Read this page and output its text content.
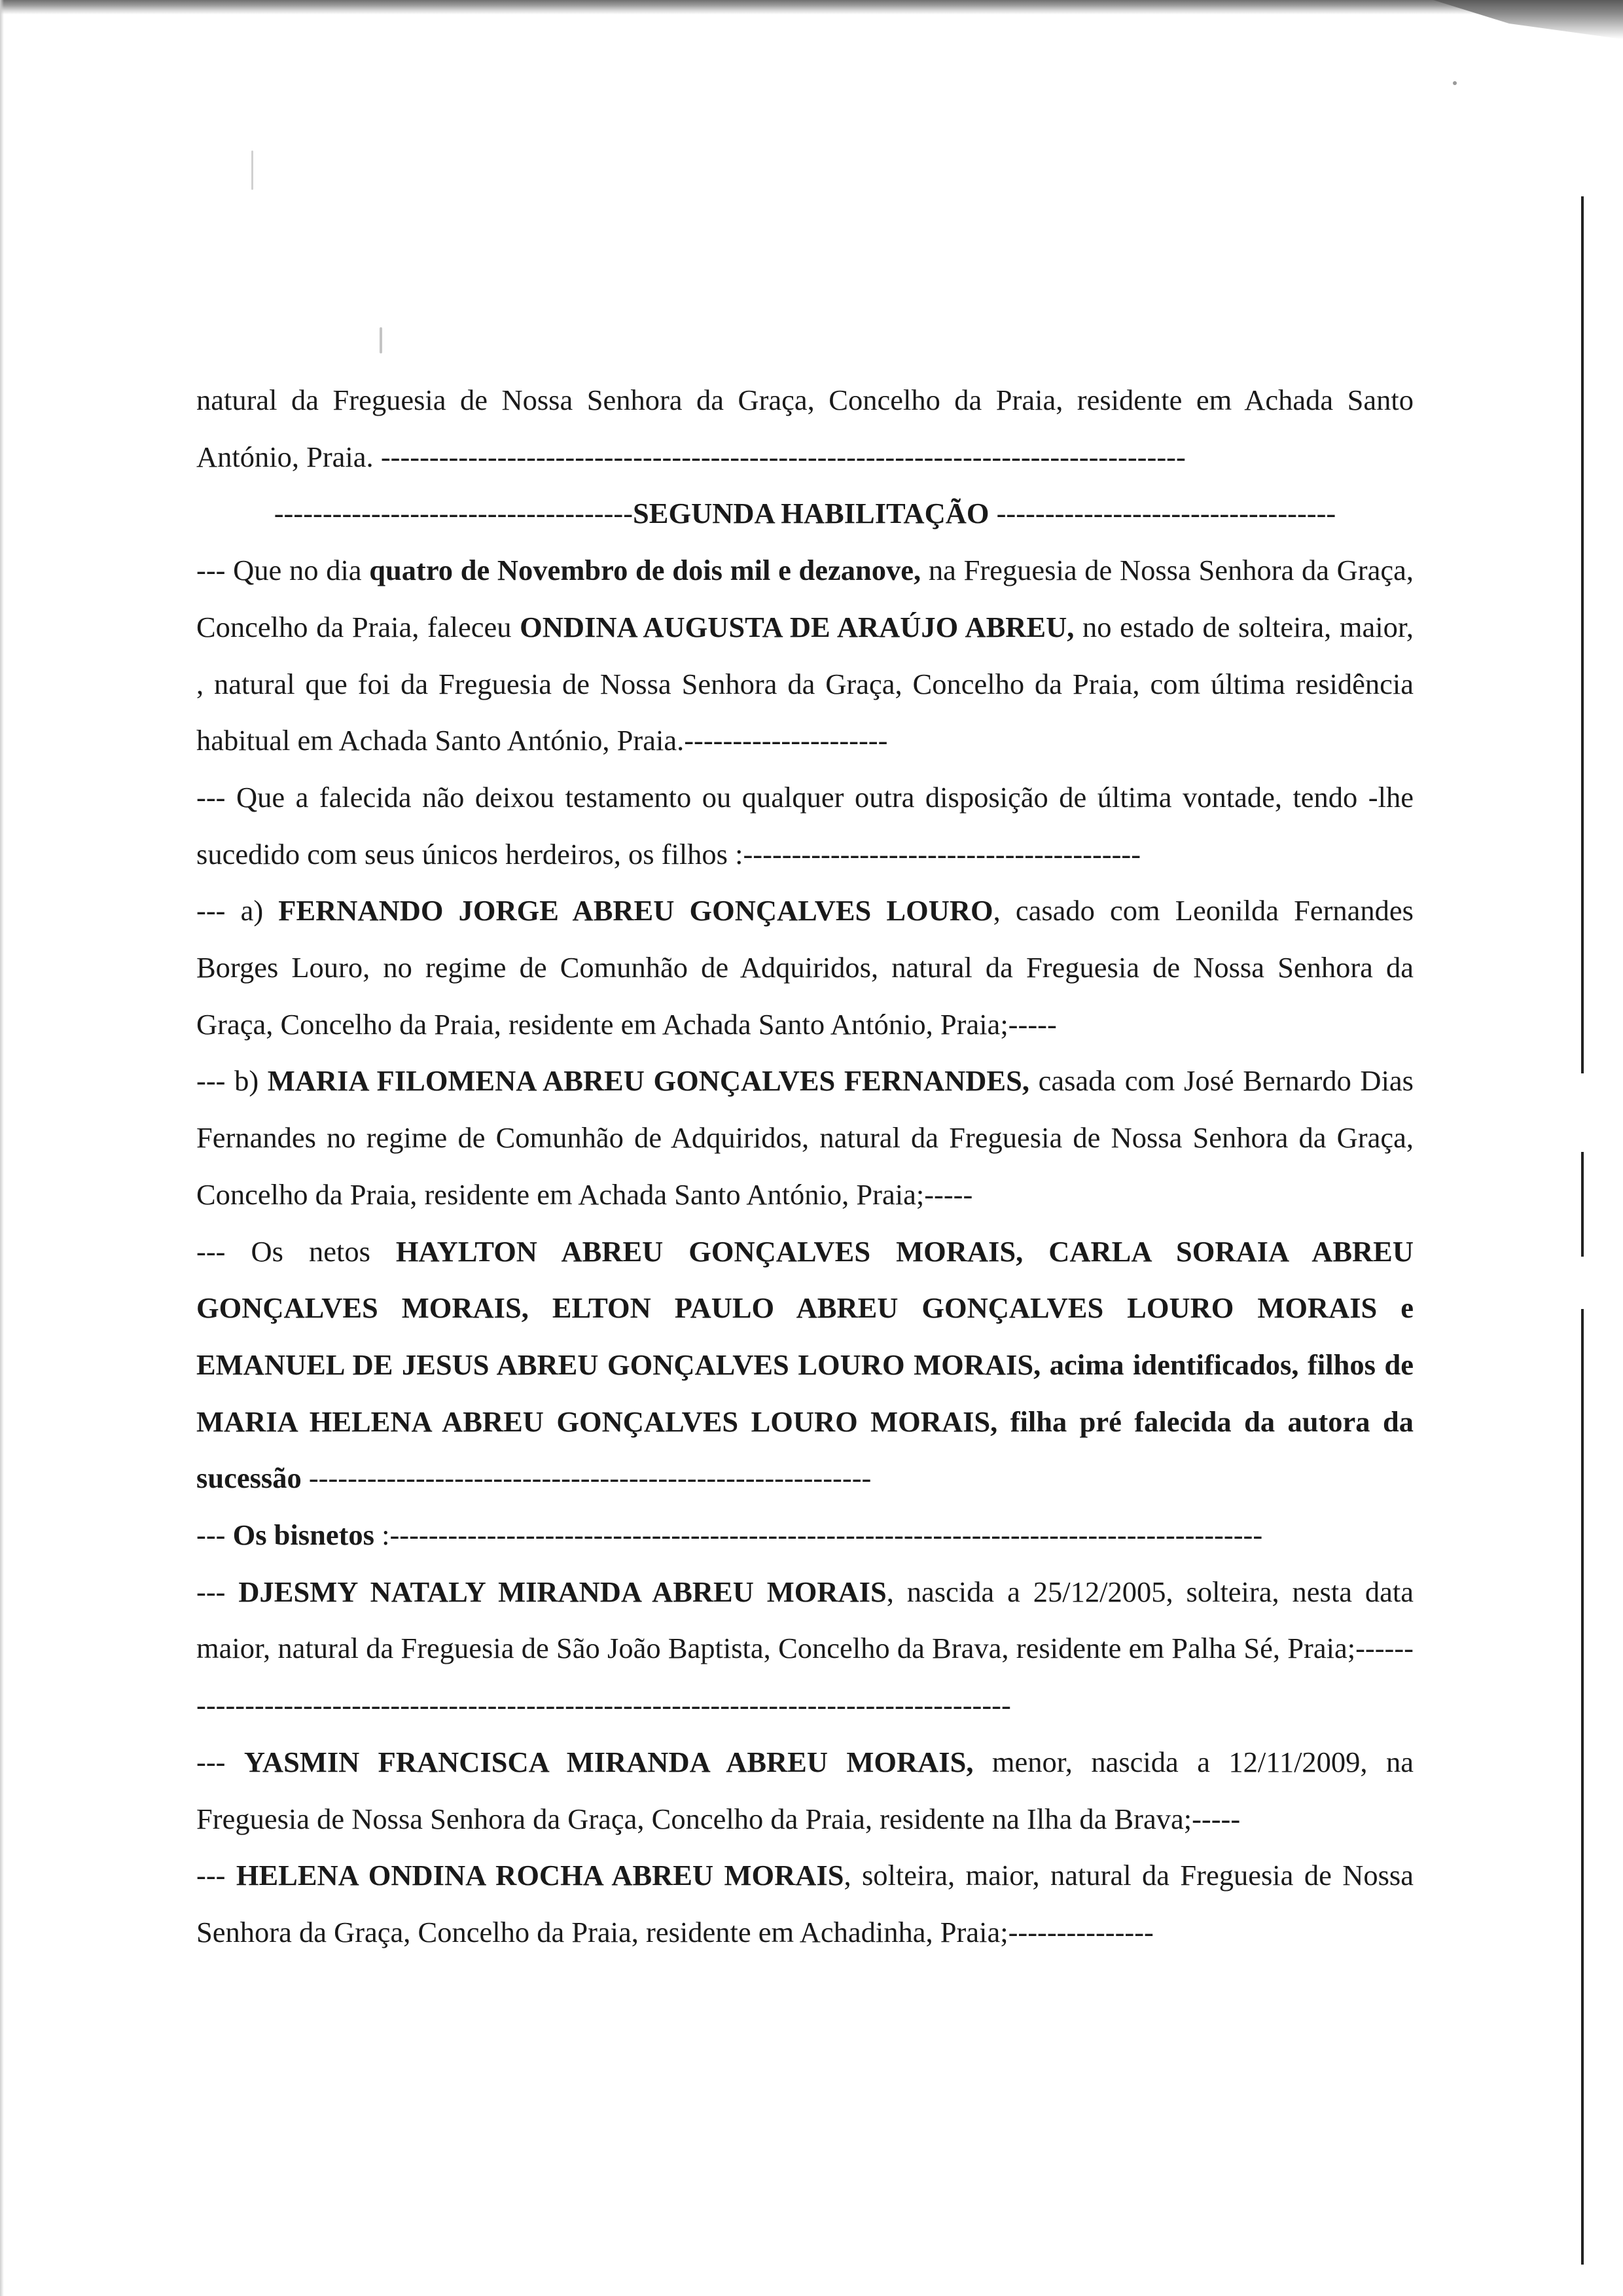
natural da Freguesia de Nossa Senhora da Graça, Concelho da Praia, residente em Achada Santo António, Praia. -----------------------------------------------------------------------------------

-------------------------------------SEGUNDA HABILITAÇÃO -----------------------------------

--- Que no dia quatro de Novembro de dois mil e dezanove, na Freguesia de Nossa Senhora da Graça, Concelho da Praia, faleceu ONDINA AUGUSTA DE ARAÚJO ABREU, no estado de solteira, maior, , natural que foi da Freguesia de Nossa Senhora da Graça, Concelho da Praia, com última residência habitual em Achada Santo António, Praia.---------------------

--- Que a falecida não deixou testamento ou qualquer outra disposição de última vontade, tendo -lhe sucedido com seus únicos herdeiros, os filhos :-----------------------------------------

--- a) FERNANDO JORGE ABREU GONÇALVES LOURO, casado com Leonilda Fernandes Borges Louro, no regime de Comunhão de Adquiridos, natural da Freguesia de Nossa Senhora da Graça, Concelho da Praia, residente em Achada Santo António, Praia;-----

--- b) MARIA FILOMENA ABREU GONÇALVES FERNANDES, casada com José Bernardo Dias Fernandes no regime de Comunhão de Adquiridos, natural da Freguesia de Nossa Senhora da Graça, Concelho da Praia, residente em Achada Santo António, Praia;-----

--- Os netos HAYLTON ABREU GONÇALVES MORAIS, CARLA SORAIA ABREU GONÇALVES MORAIS, ELTON PAULO ABREU GONÇALVES LOURO MORAIS e EMANUEL DE JESUS ABREU GONÇALVES LOURO MORAIS, acima identificados, filhos de MARIA HELENA ABREU GONÇALVES LOURO MORAIS, filha pré falecida da autora da sucessão ----------------------------------------------------------

--- Os bisnetos :------------------------------------------------------------------------------------------

--- DJESMY NATALY MIRANDA ABREU MORAIS, nascida a 25/12/2005, solteira, nesta data maior, natural da Freguesia de São João Baptista, Concelho da Brava, residente em Palha Sé, Praia;------------------------------------------------------------------------------------------

--- YASMIN FRANCISCA MIRANDA ABREU MORAIS, menor, nascida a 12/11/2009, na Freguesia de Nossa Senhora da Graça, Concelho da Praia, residente na Ilha da Brava;-----

--- HELENA ONDINA ROCHA ABREU MORAIS, solteira, maior, natural da Freguesia de Nossa Senhora da Graça, Concelho da Praia, residente em Achadinha, Praia;---------------
